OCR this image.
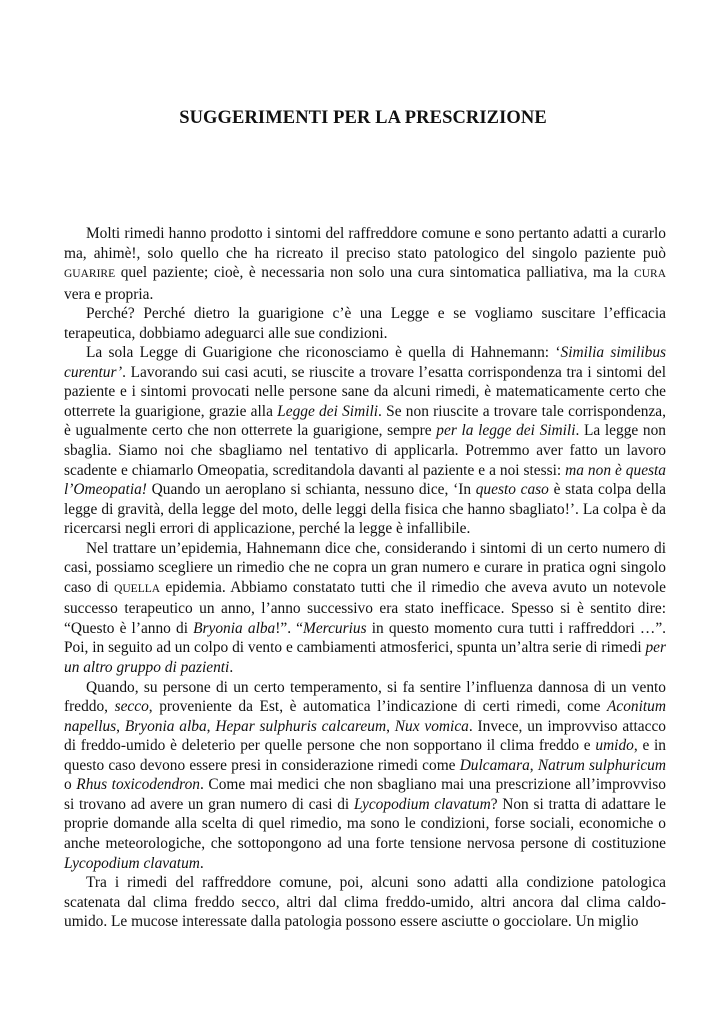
SUGGERIMENTI PER LA PRESCRIZIONE

Molti rimedi hanno prodotto i sintomi del raffreddore comune e sono pertanto adatti a curarlo ma, ahimè!, solo quello che ha ricreato il preciso stato patologico del singolo paziente può GUARIRE quel paziente; cioè, è necessaria non solo una cura sintomatica palliativa, ma la CURA vera e propria.

Perché? Perché dietro la guarigione c’è una Legge e se vogliamo suscitare l’efficacia terapeutica, dobbiamo adeguarci alle sue condizioni.

La sola Legge di Guarigione che riconosciamo è quella di Hahnemann: ‘Similia similibus curentur’. Lavorando sui casi acuti, se riuscite a trovare l’esatta corrispondenza tra i sintomi del paziente e i sintomi provocati nelle persone sane da alcuni rimedi, è matematicamente certo che otterrete la guarigione, grazie alla Legge dei Simili. Se non riuscite a trovare tale corrispondenza, è ugualmente certo che non otterrete la guarigione, sempre per la legge dei Simili. La legge non sbaglia. Siamo noi che sbagliamo nel tentativo di applicarla. Potremmo aver fatto un lavoro scadente e chiamarlo Omeopatia, screditandola davanti al paziente e a noi stessi: ma non è questa l’Omeopatia! Quando un aeroplano si schianta, nessuno dice, ‘In questo caso è stata colpa della legge di gravità, della legge del moto, delle leggi della fisica che hanno sbagliato!’. La colpa è da ricercarsi negli errori di applicazione, perché la legge è infallibile.

Nel trattare un’epidemia, Hahnemann dice che, considerando i sintomi di un certo numero di casi, possiamo scegliere un rimedio che ne copra un gran numero e curare in pratica ogni singolo caso di QUELLA epidemia. Abbiamo constatato tutti che il rimedio che aveva avuto un notevole successo terapeutico un anno, l’anno successivo era stato inefficace. Spesso si è sentito dire: “Questo è l’anno di Bryonia alba!”. “Mercurius in questo momento cura tutti i raffreddori …”. Poi, in seguito ad un colpo di vento e cambiamenti atmosferici, spunta un’altra serie di rimedi per un altro gruppo di pazienti.

Quando, su persone di un certo temperamento, si fa sentire l’influenza dannosa di un vento freddo, secco, proveniente da Est, è automatica l’indicazione di certi rimedi, come Aconitum napellus, Bryonia alba, Hepar sulphuris calcareum, Nux vomica. Invece, un improvviso attacco di freddo-umido è deleterio per quelle persone che non sopportano il clima freddo e umido, e in questo caso devono essere presi in considerazione rimedi come Dulcamara, Natrum sulphuricum o Rhus toxicodendron. Come mai medici che non sbagliano mai una prescrizione all’improvviso si trovano ad avere un gran numero di casi di Lycopodium clavatum? Non si tratta di adattare le proprie domande alla scelta di quel rimedio, ma sono le condizioni, forse sociali, economiche o anche meteorologiche, che sottopongono ad una forte tensione nervosa persone di costituzione Lycopodium clavatum.

Tra i rimedi del raffreddore comune, poi, alcuni sono adatti alla condizione patologica scatenata dal clima freddo secco, altri dal clima freddo-umido, altri ancora dal clima caldo-umido. Le mucose interessate dalla patologia possono essere asciutte o gocciolare. Un miglio
